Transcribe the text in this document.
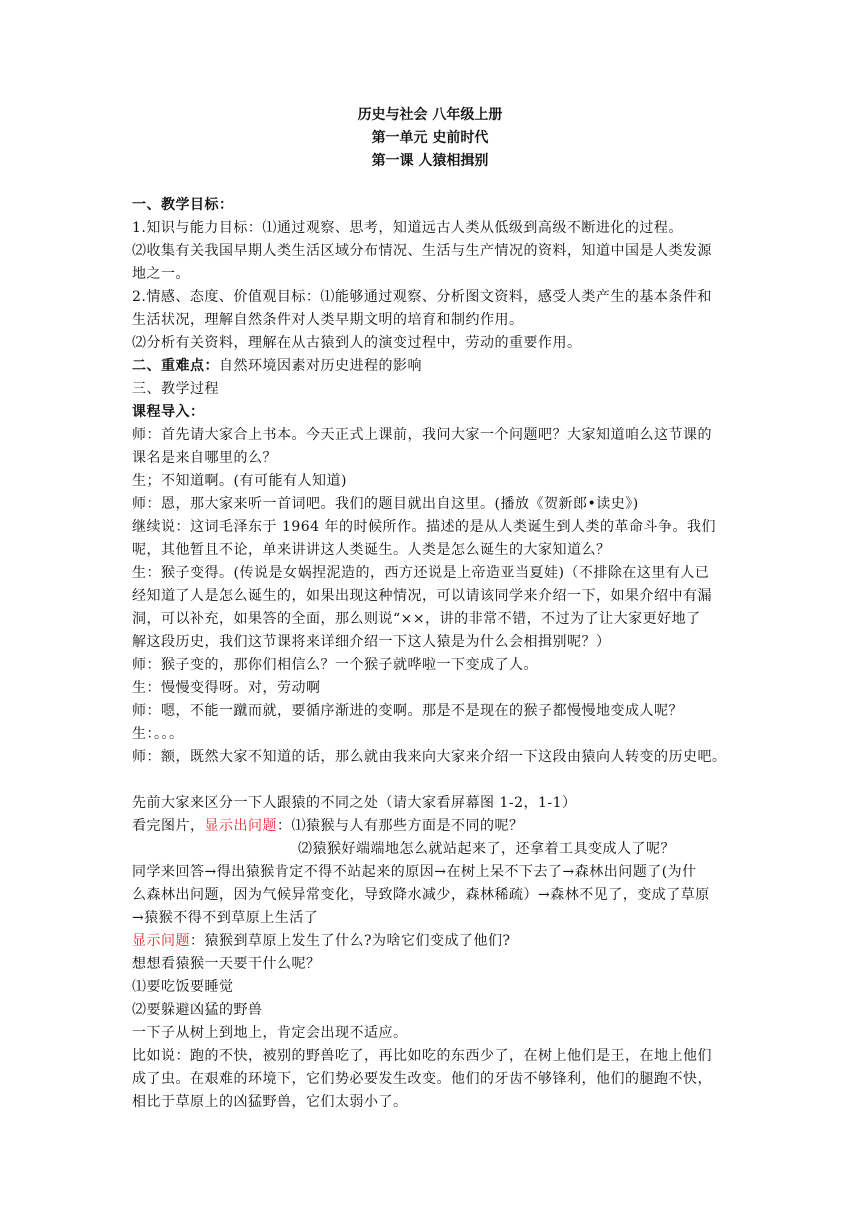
历史与社会 八年级上册
第一单元 史前时代
第一课 人猿相揖别
一、教学目标：
1.知识与能力目标：⑴通过观察、思考，知道远古人类从低级到高级不断进化的过程。
⑵收集有关我国早期人类生活区域分布情况、生活与生产情况的资料，知道中国是人类发源
地之一。
2.情感、态度、价值观目标：⑴能够通过观察、分析图文资料，感受人类产生的基本条件和
生活状况，理解自然条件对人类早期文明的培育和制约作用。
⑵分析有关资料，理解在从古猿到人的演变过程中，劳动的重要作用。
二、重难点：自然环境因素对历史进程的影响
三、教学过程
课程导入：
师：首先请大家合上书本。今天正式上课前，我问大家一个问题吧？大家知道咱么这节课的
课名是来自哪里的么？
生；不知道啊。(有可能有人知道)
师：恩，那大家来听一首词吧。我们的题目就出自这里。(播放《贺新郎•读史》)
继续说：这词毛泽东于 1964 年的时候所作。描述的是从人类诞生到人类的革命斗争。我们
呢，其他暂且不论，单来讲讲这人类诞生。人类是怎么诞生的大家知道么？
生：猴子变得。(传说是女娲捏泥造的，西方还说是上帝造亚当夏娃)（不排除在这里有人已
经知道了人是怎么诞生的，如果出现这种情况，可以请该同学来介绍一下，如果介绍中有漏
洞，可以补充，如果答的全面，那么则说“××，讲的非常不错，不过为了让大家更好地了
解这段历史，我们这节课将来详细介绍一下这人猿是为什么会相揖别呢？）
师：猴子变的，那你们相信么？一个猴子就哗啦一下变成了人。
生：慢慢变得呀。对，劳动啊
师：嗯，不能一蹴而就，要循序渐进的变啊。那是不是现在的猴子都慢慢地变成人呢？
生：。。。
师：额，既然大家不知道的话，那么就由我来向大家来介绍一下这段由猿向人转变的历史吧。
先前大家来区分一下人跟猿的不同之处（请大家看屏幕图 1-2，1-1）
看完图片，显示出问题：⑴猿猴与人有那些方面是不同的呢？
⑵猿猴好端端地怎么就站起来了，还拿着工具变成人了呢？
同学来回答→得出猿猴肯定不得不站起来的原因→在树上呆不下去了→森林出问题了(为什
么森林出问题，因为气候异常变化，导致降水减少，森林稀疏）→森林不见了，变成了草原
→猿猴不得不到草原上生活了
显示问题：猿猴到草原上发生了什么?为啥它们变成了他们?
想想看猿猴一天要干什么呢？
⑴要吃饭要睡觉
⑵要躲避凶猛的野兽
一下子从树上到地上，肯定会出现不适应。
比如说：跑的不快，被别的野兽吃了，再比如吃的东西少了，在树上他们是王，在地上他们
成了虫。在艰难的环境下，它们势必要发生改变。他们的牙齿不够锋利，他们的腿跑不快，
相比于草原上的凶猛野兽，它们太弱小了。
